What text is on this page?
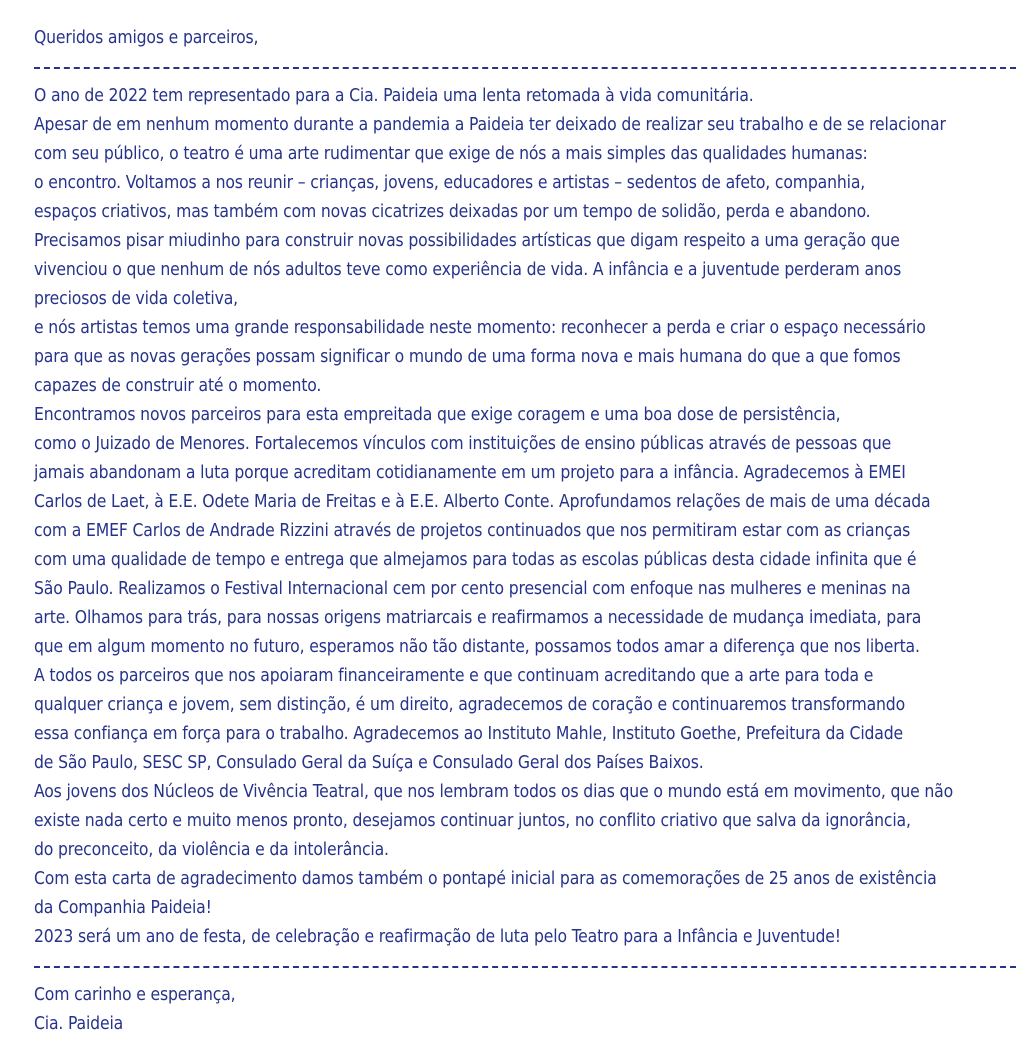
Queridos amigos e parceiros,
O ano de 2022 tem representado para a Cia. Paideia uma lenta retomada à vida comunitária.
Apesar de em nenhum momento durante a pandemia a Paideia ter deixado de realizar seu trabalho e de se relacionar
com seu público, o teatro é uma arte rudimentar que exige de nós a mais simples das qualidades humanas:
o encontro. Voltamos a nos reunir – crianças, jovens, educadores e artistas – sedentos de afeto, companhia,
espaços criativos, mas também com novas cicatrizes deixadas por um tempo de solidão, perda e abandono.
Precisamos pisar miudinho para construir novas possibilidades artísticas que digam respeito a uma geração que
vivenciou o que nenhum de nós adultos teve como experiência de vida. A infância e a juventude perderam anos
preciosos de vida coletiva,
e nós artistas temos uma grande responsabilidade neste momento: reconhecer a perda e criar o espaço necessário
para que as novas gerações possam significar o mundo de uma forma nova e mais humana do que a que fomos
capazes de construir até o momento.
Encontramos novos parceiros para esta empreitada que exige coragem e uma boa dose de persistência,
como o Juizado de Menores. Fortalecemos vínculos com instituições de ensino públicas através de pessoas que
jamais abandonam a luta porque acreditam cotidianamente em um projeto para a infância. Agradecemos à EMEI
Carlos de Laet, à E.E. Odete Maria de Freitas e à E.E. Alberto Conte. Aprofundamos relações de mais de uma década
com a EMEF Carlos de Andrade Rizzini através de projetos continuados que nos permitiram estar com as crianças
com uma qualidade de tempo e entrega que almejamos para todas as escolas públicas desta cidade infinita que é
São Paulo. Realizamos o Festival Internacional cem por cento presencial com enfoque nas mulheres e meninas na
arte. Olhamos para trás, para nossas origens matriarcais e reafirmamos a necessidade de mudança imediata, para
que em algum momento no futuro, esperamos não tão distante, possamos todos amar a diferença que nos liberta.
A todos os parceiros que nos apoiaram financeiramente e que continuam acreditando que a arte para toda e
qualquer criança e jovem, sem distinção, é um direito, agradecemos de coração e continuaremos transformando
essa confiança em força para o trabalho. Agradecemos ao Instituto Mahle, Instituto Goethe, Prefeitura da Cidade
de São Paulo, SESC SP, Consulado Geral da Suíça e Consulado Geral dos Países Baixos.
Aos jovens dos Núcleos de Vivência Teatral, que nos lembram todos os dias que o mundo está em movimento, que não
existe nada certo e muito menos pronto, desejamos continuar juntos, no conflito criativo que salva da ignorância,
do preconceito, da violência e da intolerância.
Com esta carta de agradecimento damos também o pontapé inicial para as comemorações de 25 anos de existência
da Companhia Paideia!
2023 será um ano de festa, de celebração e reafirmação de luta pelo Teatro para a Infância e Juventude!
Com carinho e esperança,
Cia. Paideia
